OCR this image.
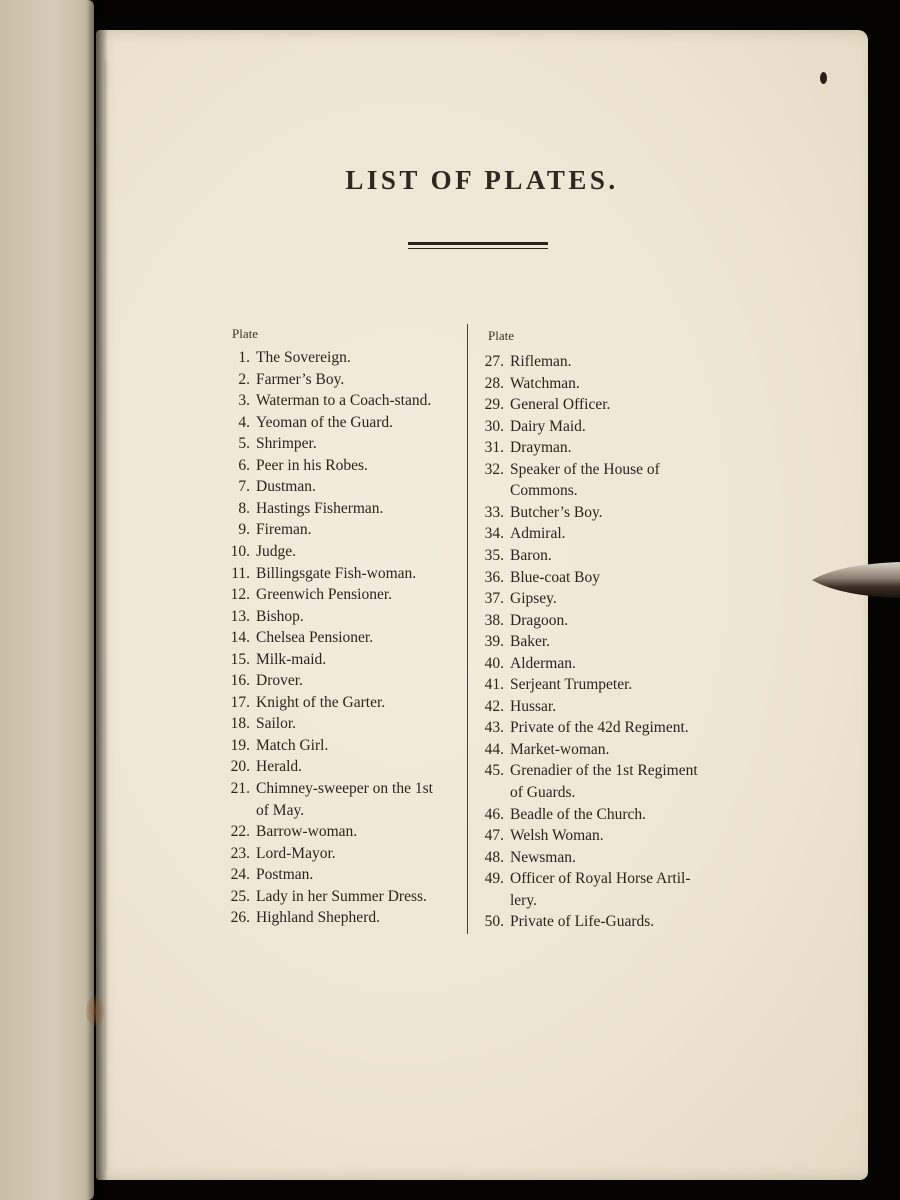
LIST OF PLATES.
Plate	Plate
1. The Sovereign.
2. Farmer’s Boy.
3. Waterman to a Coach-stand.
4. Yeoman of the Guard.
5. Shrimper.
6. Peer in his Robes.
7. Dustman.
8. Hastings Fisherman.
9. Fireman.
10. Judge.
11. Billingsgate Fish-woman.
12. Greenwich Pensioner.
13. Bishop.
14. Chelsea Pensioner.
15. Milk-maid.
16. Drover.
17. Knight of the Garter.
18. Sailor.
19. Match Girl.
20. Herald.
21. Chimney-sweeper on the 1st
of May.
22. Barrow-woman.
23. Lord-Mayor.
24. Postman.
25. Lady in her Summer Dress.
26. Highland Shepherd.
27. Rifleman.
28. Watchman.
29. General Officer.
30. Dairy Maid.
31. Drayman.
32. Speaker of the House of
Commons.
33. Butcher’s Boy.
34. Admiral.
35. Baron.
36. Blue-coat Boy
37. Gipsey.
38. Dragoon.
39. Baker.
40. Alderman.
41. Serjeant Trumpeter.
42. Hussar.
43. Private of the 42d Regiment.
44. Market-woman.
45. Grenadier of the 1st Regiment
of Guards.
46. Beadle of the Church.
47. Welsh Woman.
48. Newsman.
49. Officer of Royal Horse Artil-
lery.
50. Private of Life-Guards.
